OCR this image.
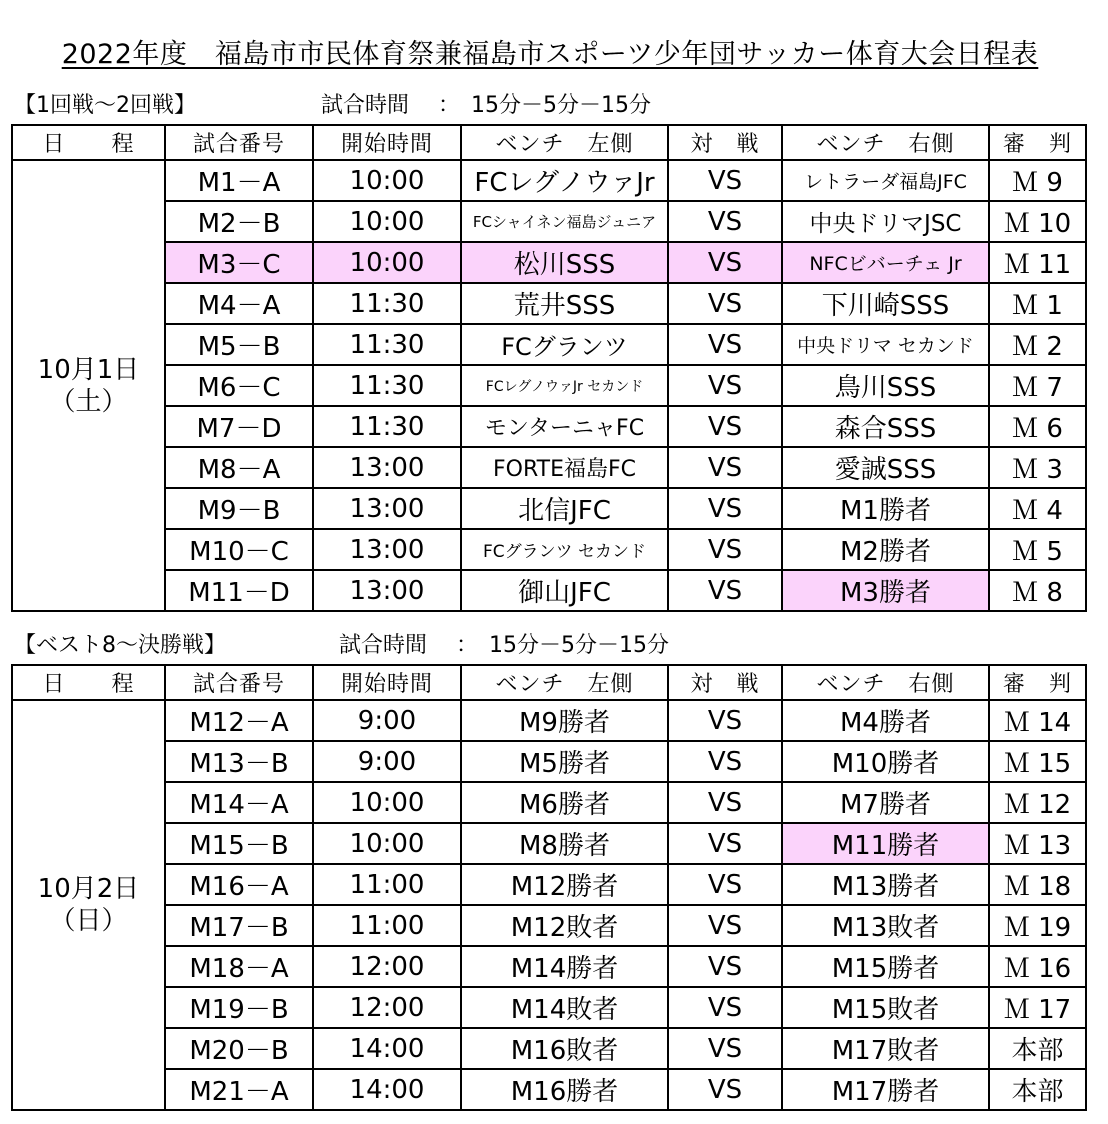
2022年度　福島市市民体育祭兼福島市スポーツ少年団サッカー体育大会日程表
【1回戦～2回戦】	試合時間　 ：　15分－5分－15分
日　　程	試合番号	開始時間	ベンチ　左側	対　戦	ベンチ　右側	審　判

10月1日
（土）	M1－A	10:00	FCレグノウァJr	VS	レトラーダ福島JFC	Ｍ 9
	M2－B	10:00	FCシャイネン福島ジュニア	VS	中央ドリマJSC	Ｍ 10
	M3－C	10:00	松川SSS	VS	NFCビバーチェ Jr	Ｍ 11
	M4－A	11:30	荒井SSS	VS	下川崎SSS	Ｍ 1
	M5－B	11:30	FCグランツ	VS	中央ドリマ セカンド	Ｍ 2
	M6－C	11:30	FCレグノウァJr セカンド	VS	鳥川SSS	Ｍ 7
	M7－D	11:30	モンターニャFC	VS	森合SSS	Ｍ 6
	M8－A	13:00	FORTE福島FC	VS	愛誠SSS	Ｍ 3
	M9－B	13:00	北信JFC	VS	M1勝者	Ｍ 4
	M10－C	13:00	FCグランツ セカンド	VS	M2勝者	Ｍ 5
	M11－D	13:00	御山JFC	VS	M3勝者	Ｍ 8
【ベスト8～決勝戦】	試合時間　 ：　15分－5分－15分
日　　程	試合番号	開始時間	ベンチ　左側	対　戦	ベンチ　右側	審　判

10月2日
（日）	M12－A	9:00	M9勝者	VS	M4勝者	Ｍ 14
	M13－B	9:00	M5勝者	VS	M10勝者	Ｍ 15
	M14－A	10:00	M6勝者	VS	M7勝者	Ｍ 12
	M15－B	10:00	M8勝者	VS	M11勝者	Ｍ 13
	M16－A	11:00	M12勝者	VS	M13勝者	Ｍ 18
	M17－B	11:00	M12敗者	VS	M13敗者	Ｍ 19
	M18－A	12:00	M14勝者	VS	M15勝者	Ｍ 16
	M19－B	12:00	M14敗者	VS	M15敗者	Ｍ 17
	M20－B	14:00	M16敗者	VS	M17敗者	本部
	M21－A	14:00	M16勝者	VS	M17勝者	本部
